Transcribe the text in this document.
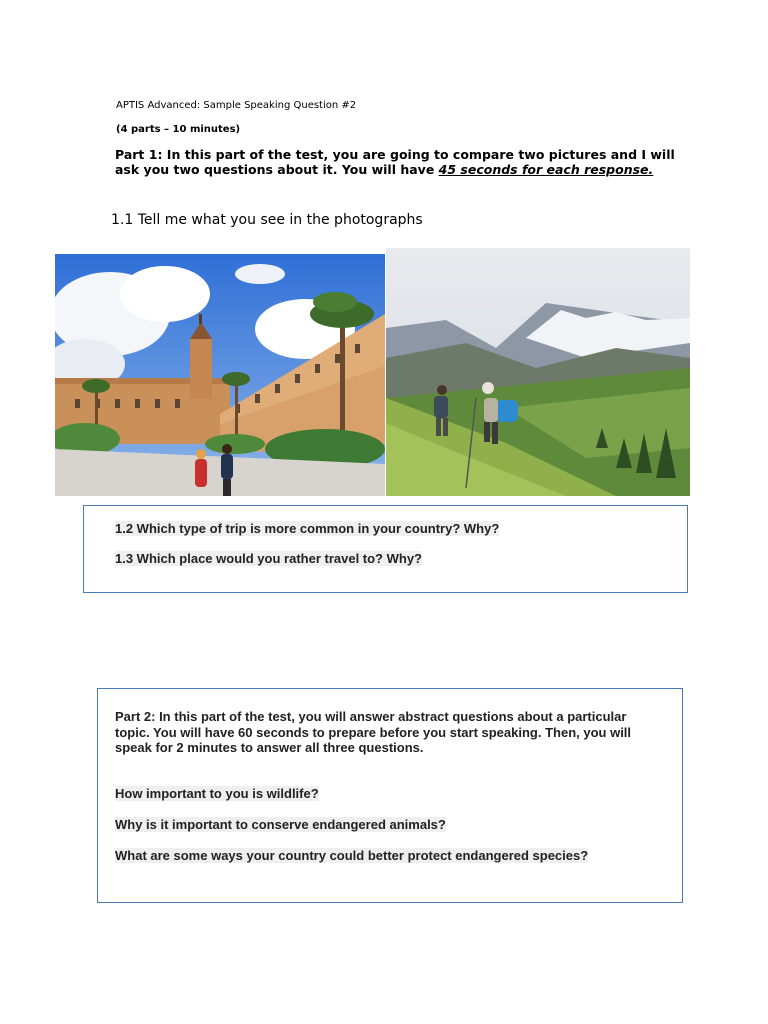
APTIS Advanced: Sample Speaking Question #2
(4 parts – 10 minutes)
Part 1: In this part of the test, you are going to compare two pictures and I will ask you two questions about it. You will have 45 seconds for each response.
1.1 Tell me what you see in the photographs
1.2 Which type of trip is more common in your country? Why?
1.3 Which place would you rather travel to? Why?
Part 2: In this part of the test, you will answer abstract questions about a particular topic. You will have 60 seconds to prepare before you start speaking. Then, you will speak for 2 minutes to answer all three questions.
How important to you is wildlife?
Why is it important to conserve endangered animals?
What are some ways your country could better protect endangered species?
